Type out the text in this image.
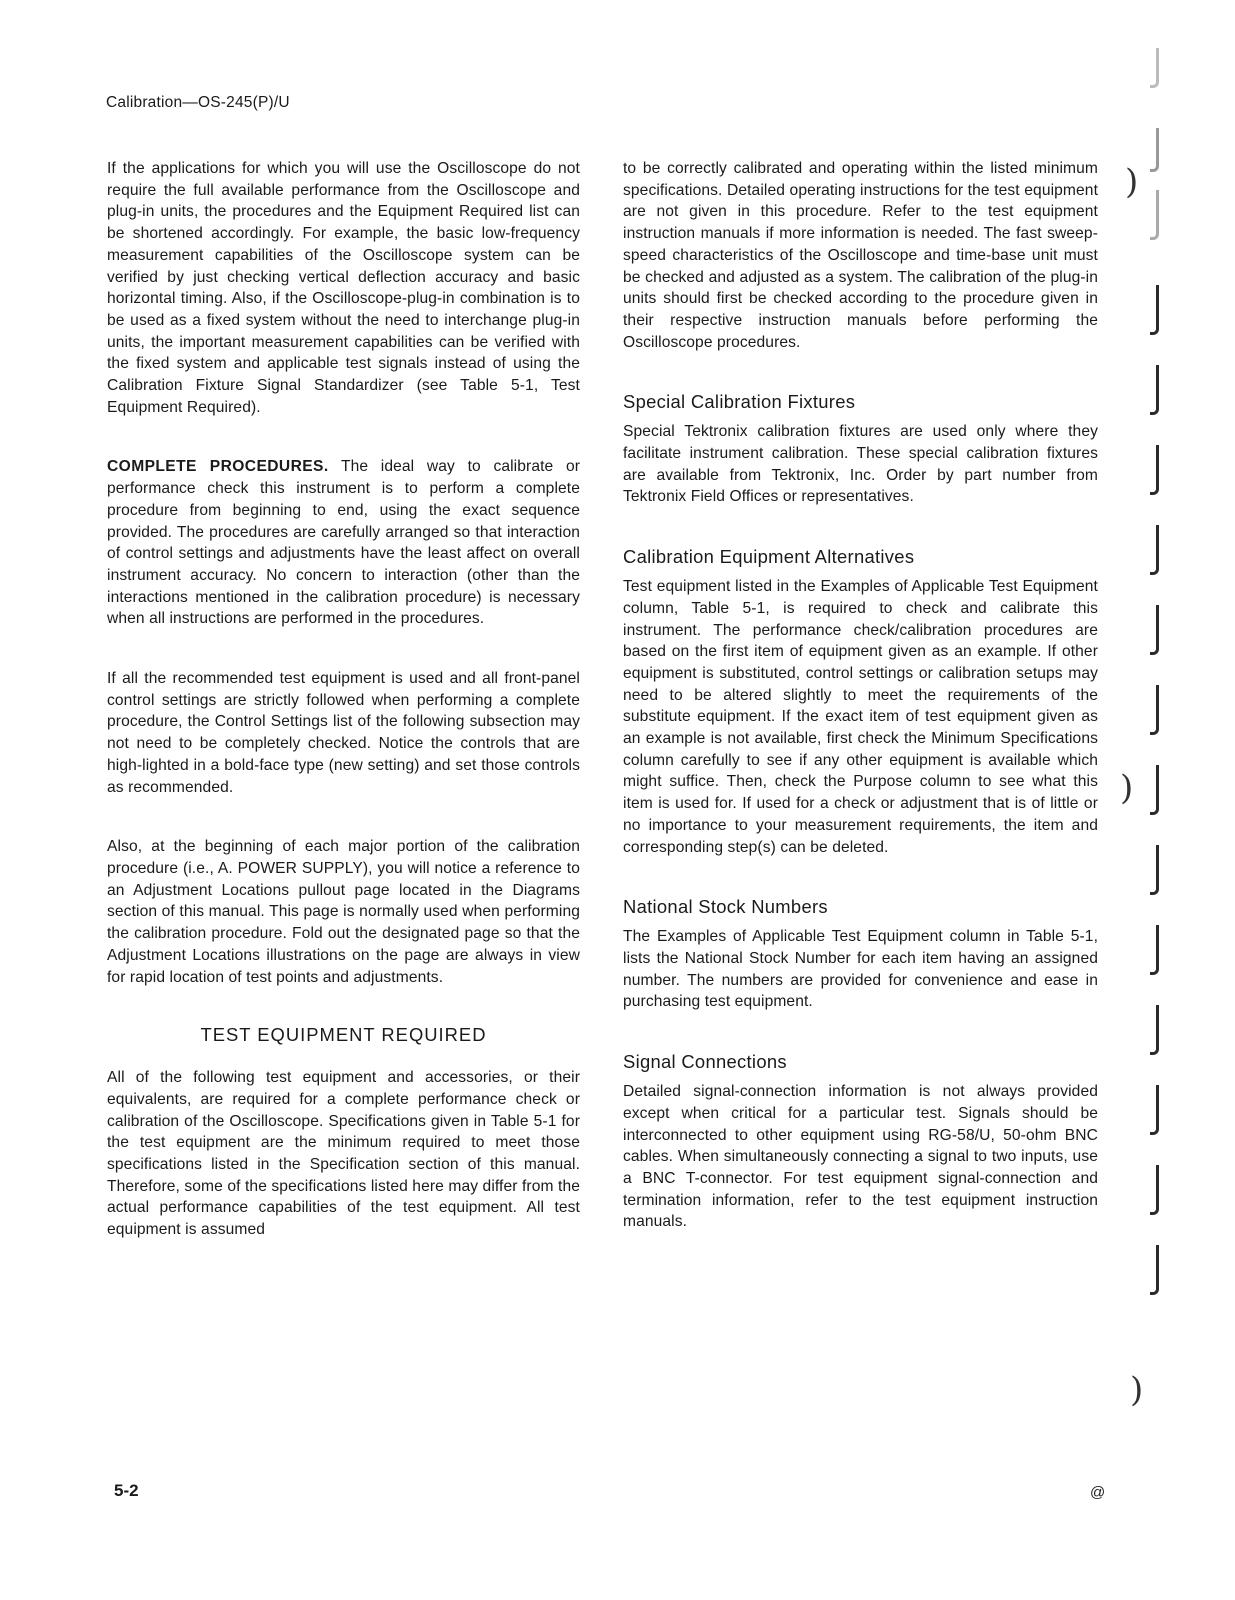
Calibration—OS-245(P)/U

If the applications for which you will use the Oscilloscope do not require the full available performance from the Oscilloscope and plug-in units, the procedures and the Equipment Required list can be shortened accordingly. For example, the basic low-frequency measurement capabilities of the Oscilloscope system can be verified by just checking vertical deflection accuracy and basic horizontal timing. Also, if the Oscilloscope-plug-in combination is to be used as a fixed system without the need to interchange plug-in units, the important measurement capabilities can be verified with the fixed system and applicable test signals instead of using the Calibration Fixture Signal Standardizer (see Table 5-1, Test Equipment Required).

COMPLETE PROCEDURES. The ideal way to calibrate or performance check this instrument is to perform a complete procedure from beginning to end, using the exact sequence provided. The procedures are carefully arranged so that interaction of control settings and adjustments have the least affect on overall instrument accuracy. No concern to interaction (other than the interactions mentioned in the calibration procedure) is necessary when all instructions are performed in the procedures.

If all the recommended test equipment is used and all front-panel control settings are strictly followed when performing a complete procedure, the Control Settings list of the following subsection may not need to be completely checked. Notice the controls that are high-lighted in a bold-face type (new setting) and set those controls as recommended.

Also, at the beginning of each major portion of the calibration procedure (i.e., A. POWER SUPPLY), you will notice a reference to an Adjustment Locations pullout page located in the Diagrams section of this manual. This page is normally used when performing the calibration procedure. Fold out the designated page so that the Adjustment Locations illustrations on the page are always in view for rapid location of test points and adjustments.

TEST EQUIPMENT REQUIRED

All of the following test equipment and accessories, or their equivalents, are required for a complete performance check or calibration of the Oscilloscope. Specifications given in Table 5-1 for the test equipment are the minimum required to meet those specifications listed in the Specification section of this manual. Therefore, some of the specifications listed here may differ from the actual performance capabilities of the test equipment. All test equipment is assumed

to be correctly calibrated and operating within the listed minimum specifications. Detailed operating instructions for the test equipment are not given in this procedure. Refer to the test equipment instruction manuals if more information is needed. The fast sweep-speed characteristics of the Oscilloscope and time-base unit must be checked and adjusted as a system. The calibration of the plug-in units should first be checked according to the procedure given in their respective instruction manuals before performing the Oscilloscope procedures.

Special Calibration Fixtures

Special Tektronix calibration fixtures are used only where they facilitate instrument calibration. These special calibration fixtures are available from Tektronix, Inc. Order by part number from Tektronix Field Offices or representatives.

Calibration Equipment Alternatives

Test equipment listed in the Examples of Applicable Test Equipment column, Table 5-1, is required to check and calibrate this instrument. The performance check/calibration procedures are based on the first item of equipment given as an example. If other equipment is substituted, control settings or calibration setups may need to be altered slightly to meet the requirements of the substitute equipment. If the exact item of test equipment given as an example is not available, first check the Minimum Specifications column carefully to see if any other equipment is available which might suffice. Then, check the Purpose column to see what this item is used for. If used for a check or adjustment that is of little or no importance to your measurement requirements, the item and corresponding step(s) can be deleted.

National Stock Numbers

The Examples of Applicable Test Equipment column in Table 5-1, lists the National Stock Number for each item having an assigned number. The numbers are provided for convenience and ease in purchasing test equipment.

Signal Connections

Detailed signal-connection information is not always provided except when critical for a particular test. Signals should be interconnected to other equipment using RG-58/U, 50-ohm BNC cables. When simultaneously connecting a signal to two inputs, use a BNC T-connector. For test equipment signal-connection and termination information, refer to the test equipment instruction manuals.

5-2	@
)
)
)
